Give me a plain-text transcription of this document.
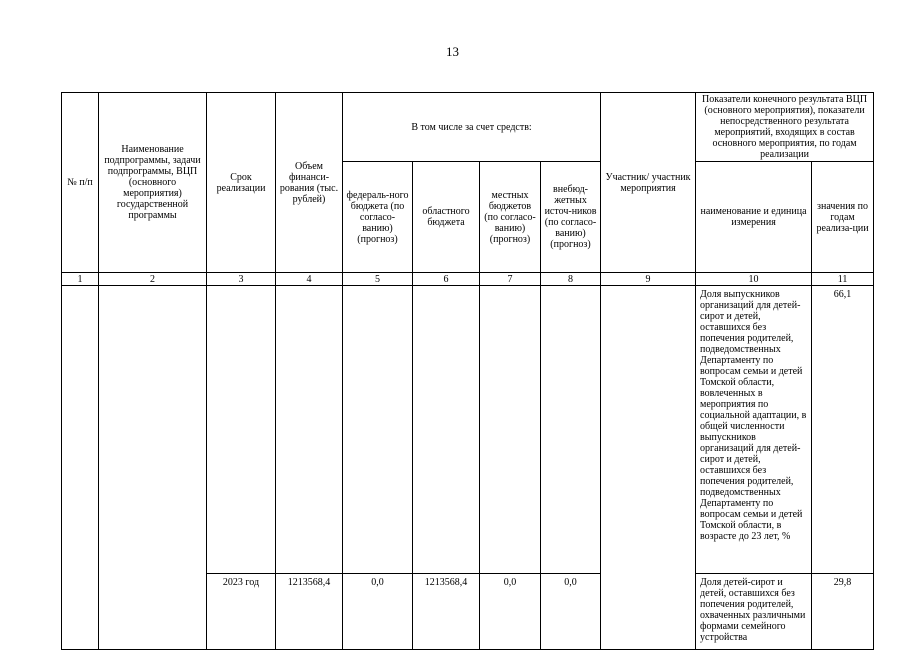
13
№ п/п	Наименование подпрограммы, задачи подпрограммы, ВЦП (основного мероприятия) государственной программы	Срок реализации	Объем финанси-рования (тыс. рублей)	В том числе за счет средств:				Участник/ участник мероприятия	Показатели конечного результата ВЦП (основного мероприятия), показатели непосредственного результата мероприятий, входящих в состав основного мероприятия, по годам реализации	
				федераль-ного бюджета (по согласо-ванию) (прогноз)	областного бюджета	местных бюджетов (по согласо-ванию) (прогноз)	внебюд-жетных источ-ников (по согласо-ванию) (прогноз)		наименование и единица измерения	значения по годам реализа-ции
1	2	3	4	5	6	7	8	9	10	11
									Доля выпускников организаций для детей-сирот и детей, оставшихся без попечения родителей, подведомственных Департаменту по вопросам семьи и детей Томской области, вовлеченных в мероприятия по социальной адаптации, в общей численности выпускников организаций для детей-сирот и детей, оставшихся без попечения родителей, подведомственных Департаменту по вопросам семьи и детей Томской области, в возрасте до 23 лет, %	66,1
		2023 год	1213568,4	0,0	1213568,4	0,0	0,0		Доля детей-сирот и детей, оставшихся без попечения родителей, охваченных различными формами семейного устройства	29,8
